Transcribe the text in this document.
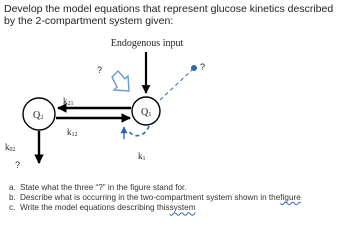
Develop the model equations that represent glucose kinetics described by the 2-compartment system given:

Endogenous input
?	?
Q1
Q2
k21
k12
k02
?
k1
a. State what the three “?” in the figure stand for.
b. Describe what is occurring in the two-compartment system shown in the figure
c. Write the model equations describing this system
